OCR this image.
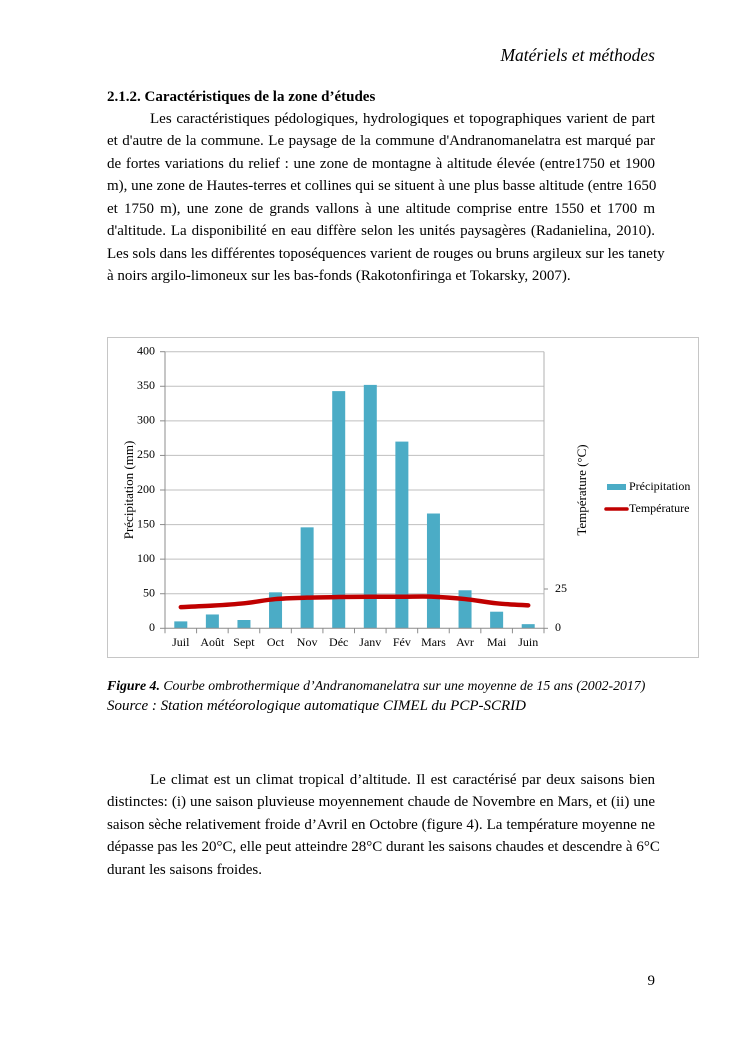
Matériels et méthodes
2.1.2. Caractéristiques de la zone d’études
Les caractéristiques pédologiques, hydrologiques et topographiques varient de part
et d'autre de la commune. Le paysage de la commune d'Andranomanelatra est marqué par
de fortes variations du relief : une zone de montagne à altitude élevée (entre1750 et 1900
m), une zone de Hautes-terres et collines qui se situent à une plus basse altitude (entre 1650
et 1750 m), une zone de grands vallons à une altitude comprise entre 1550 et 1700 m
d'altitude. La disponibilité en eau diffère selon les unités paysagères (Radanielina, 2010).
Les sols dans les différentes toposéquences varient de rouges ou bruns argileux sur les tanety
à noirs argilo-limoneux sur les bas-fonds (Rakotonfiringa et Tokarsky, 2007).
0
50
100
150
200
250
300
350
400
0
25
Juil Août Sept Oct Nov Déc Janv Fév Mars Avr Mai Juin
Précipitation (mm)	Température (°C)	Précipitation
Température
Figure 4. Courbe ombrothermique d’Andranomanelatra sur une moyenne de 15 ans (2002-2017)
Source : Station météorologique automatique CIMEL du PCP-SCRID
Le climat est un climat tropical d’altitude. Il est caractérisé par deux saisons bien
distinctes: (i) une saison pluvieuse moyennement chaude de Novembre en Mars, et (ii) une
saison sèche relativement froide d’Avril en Octobre (figure 4). La température moyenne ne
dépasse pas les 20°C, elle peut atteindre 28°C durant les saisons chaudes et descendre à 6°C
durant les saisons froides.
9
